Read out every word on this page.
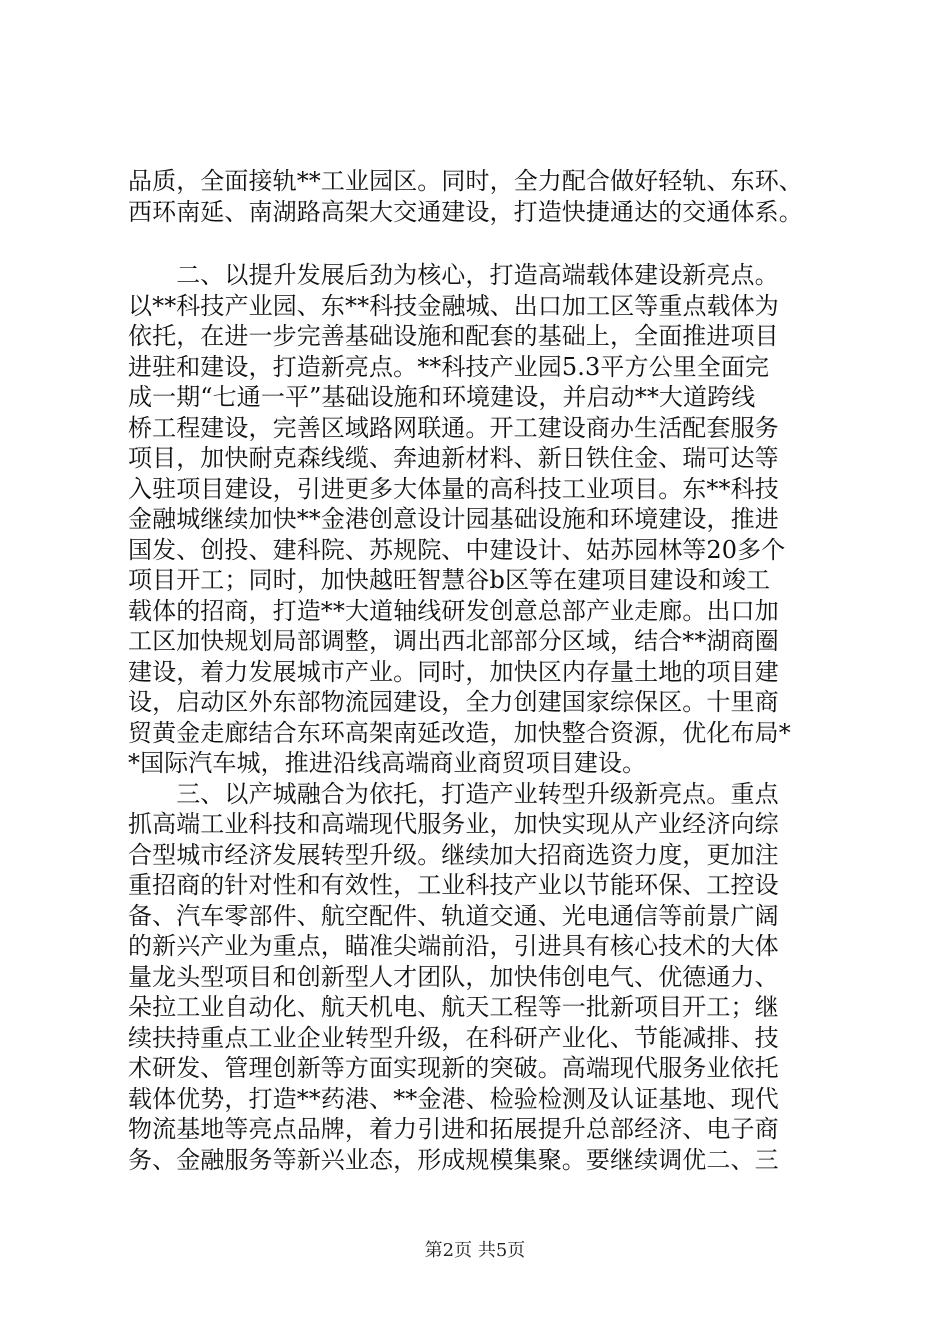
品质，全面接轨**工业园区。同时，全力配合做好轻轨、东环、
西环南延、南湖路高架大交通建设，打造快捷通达的交通体系。
　　二、以提升发展后劲为核心，打造高端载体建设新亮点。
以**科技产业园、东**科技金融城、出口加工区等重点载体为
依托，在进一步完善基础设施和配套的基础上，全面推进项目
进驻和建设，打造新亮点。**科技产业园5.3平方公里全面完
成一期“七通一平”基础设施和环境建设，并启动**大道跨线
桥工程建设，完善区域路网联通。开工建设商办生活配套服务
项目，加快耐克森线缆、奔迪新材料、新日铁住金、瑞可达等
入驻项目建设，引进更多大体量的高科技工业项目。东**科技
金融城继续加快**金港创意设计园基础设施和环境建设，推进
国发、创投、建科院、苏规院、中建设计、姑苏园林等20多个
项目开工；同时，加快越旺智慧谷b区等在建项目建设和竣工
载体的招商，打造**大道轴线研发创意总部产业走廊。出口加
工区加快规划局部调整，调出西北部部分区域，结合**湖商圈
建设，着力发展城市产业。同时，加快区内存量土地的项目建
设，启动区外东部物流园建设，全力创建国家综保区。十里商
贸黄金走廊结合东环高架南延改造，加快整合资源，优化布局*
*国际汽车城，推进沿线高端商业商贸项目建设。
　　三、以产城融合为依托，打造产业转型升级新亮点。重点
抓高端工业科技和高端现代服务业，加快实现从产业经济向综
合型城市经济发展转型升级。继续加大招商选资力度，更加注
重招商的针对性和有效性，工业科技产业以节能环保、工控设
备、汽车零部件、航空配件、轨道交通、光电通信等前景广阔
的新兴产业为重点，瞄准尖端前沿，引进具有核心技术的大体
量龙头型项目和创新型人才团队，加快伟创电气、优德通力、
朵拉工业自动化、航天机电、航天工程等一批新项目开工；继
续扶持重点工业企业转型升级，在科研产业化、节能减排、技
术研发、管理创新等方面实现新的突破。高端现代服务业依托
载体优势，打造**药港、**金港、检验检测及认证基地、现代
物流基地等亮点品牌，着力引进和拓展提升总部经济、电子商
务、金融服务等新兴业态，形成规模集聚。要继续调优二、三
第2页 共5页
